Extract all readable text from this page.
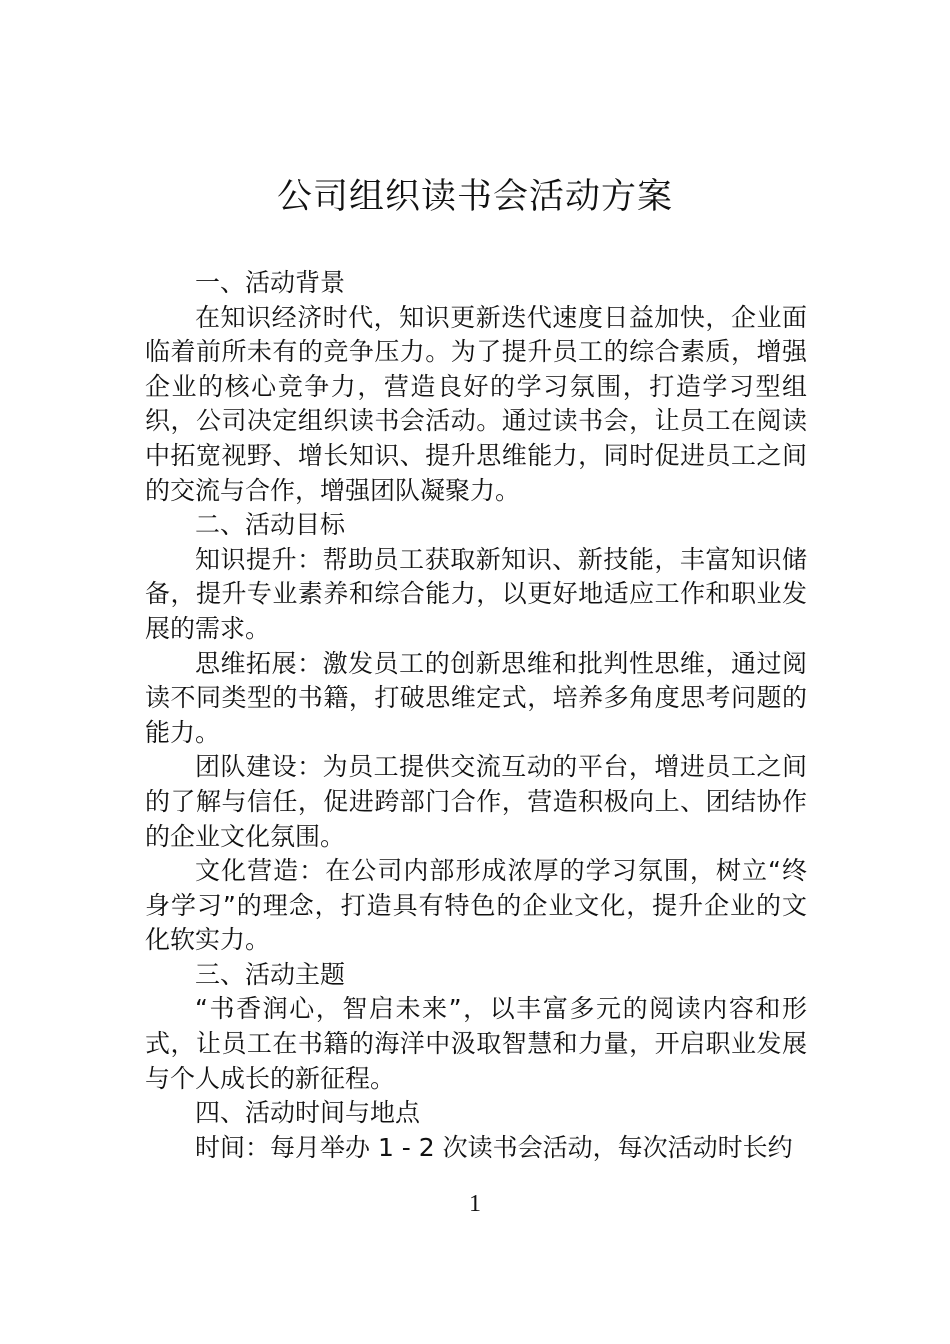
公司组织读书会活动方案

一、活动背景

在知识经济时代，知识更新迭代速度日益加快，企业面临着前所未有的竞争压力。为了提升员工的综合素质，增强企业的核心竞争力，营造良好的学习氛围，打造学习型组织，公司决定组织读书会活动。通过读书会，让员工在阅读中拓宽视野、增长知识、提升思维能力，同时促进员工之间的交流与合作，增强团队凝聚力。

二、活动目标

知识提升：帮助员工获取新知识、新技能，丰富知识储备，提升专业素养和综合能力，以更好地适应工作和职业发展的需求。

思维拓展：激发员工的创新思维和批判性思维，通过阅读不同类型的书籍，打破思维定式，培养多角度思考问题的能力。

团队建设：为员工提供交流互动的平台，增进员工之间的了解与信任，促进跨部门合作，营造积极向上、团结协作的企业文化氛围。

文化营造：在公司内部形成浓厚的学习氛围，树立“终身学习”的理念，打造具有特色的企业文化，提升企业的文化软实力。

三、活动主题

“书香润心，智启未来”，以丰富多元的阅读内容和形式，让员工在书籍的海洋中汲取智慧和力量，开启职业发展与个人成长的新征程。

四、活动时间与地点

时间：每月举办 1 - 2 次读书会活动，每次活动时长约

1
